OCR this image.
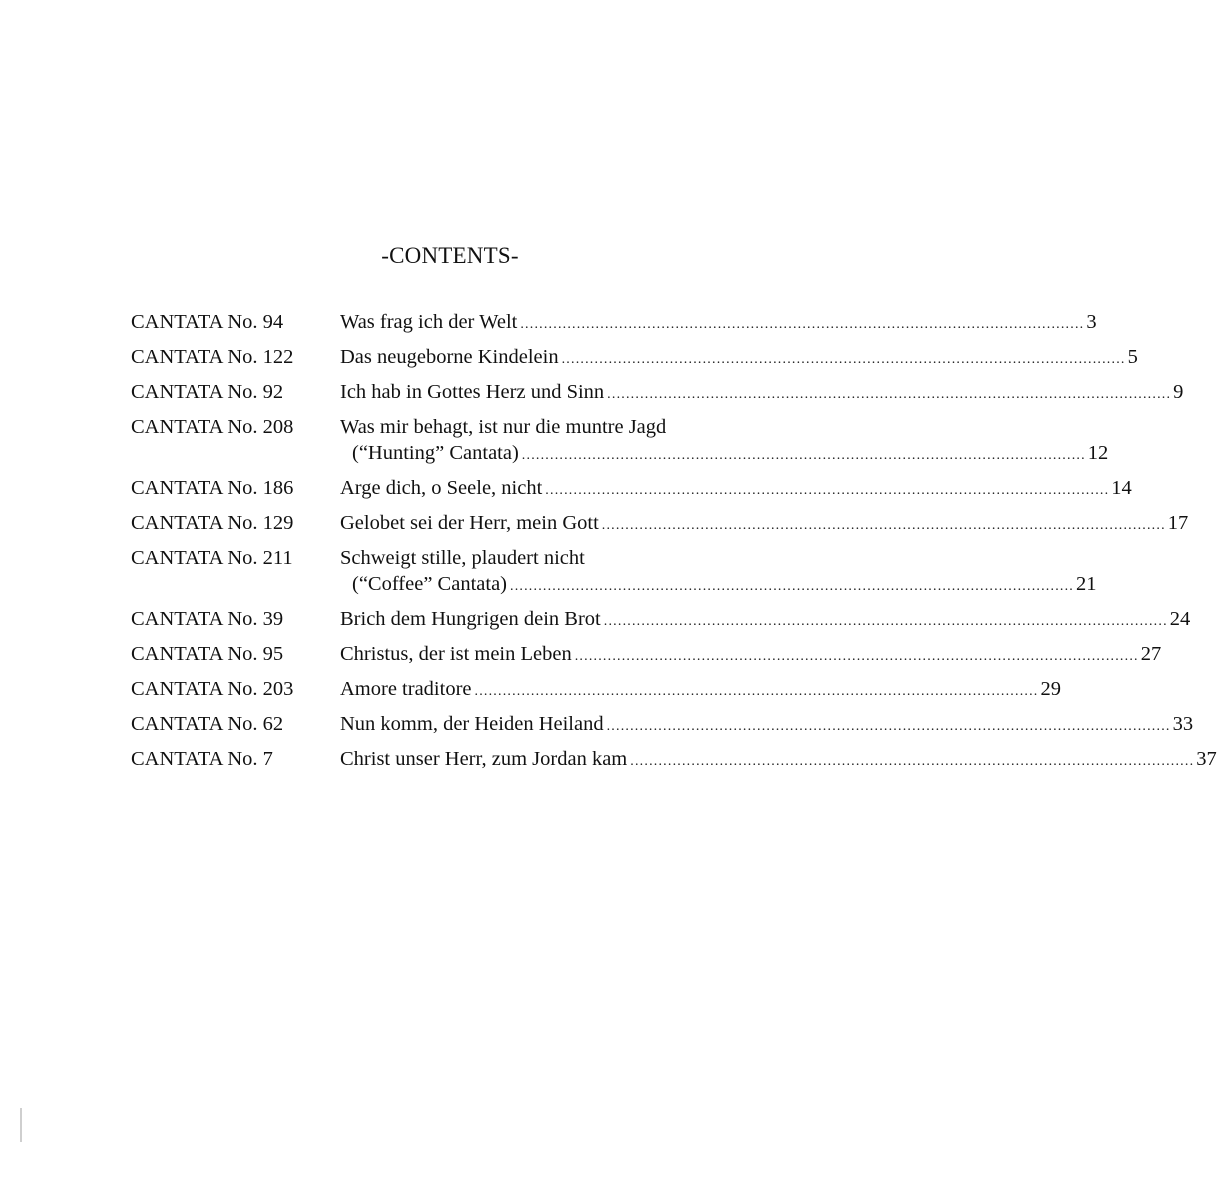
-CONTENTS-
CANTATA No. 94	Was frag ich der Welt ........................................................................................................................ 3
CANTATA No. 122	Das neugeborne Kindelein ........................................................................................................................ 5
CANTATA No. 92	Ich hab in Gottes Herz und Sinn ........................................................................................................................ 9
CANTATA No. 208	Was mir behagt, ist nur die muntre Jagd
(“Hunting” Cantata) ........................................................................................................................ 12
CANTATA No. 186	Arge dich, o Seele, nicht ........................................................................................................................ 14
CANTATA No. 129	Gelobet sei der Herr, mein Gott ........................................................................................................................ 17
CANTATA No. 211	Schweigt stille, plaudert nicht
(“Coffee” Cantata) ........................................................................................................................ 21
CANTATA No. 39	Brich dem Hungrigen dein Brot ........................................................................................................................ 24
CANTATA No. 95	Christus, der ist mein Leben ........................................................................................................................ 27
CANTATA No. 203	Amore traditore ........................................................................................................................ 29
CANTATA No. 62	Nun komm, der Heiden Heiland ........................................................................................................................ 33
CANTATA No. 7	Christ unser Herr, zum Jordan kam ........................................................................................................................ 37
